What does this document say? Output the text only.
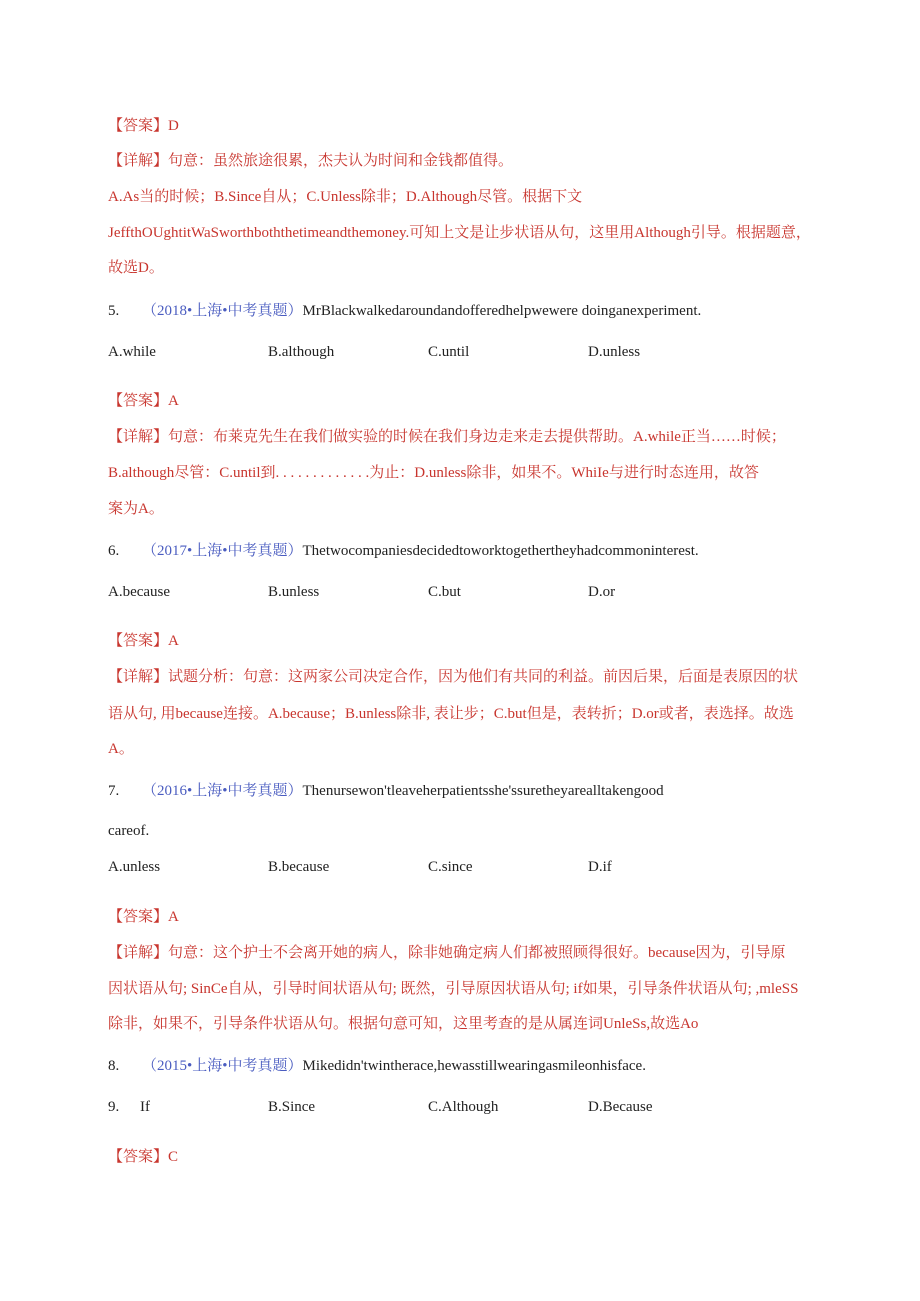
【答案】D
【详解】句意：虽然旅途很累，杰夫认为时间和金钱都值得。
A.As当的时候；B.Since自从；C.Unless除非；D.Although尽管。根据下文
JeffthOUghtitWaSworthboththetimeandthemoney.可知上文是让步状语从句，这里用Although引导。根据题意，
故选D。
5. （2018•上海•中考真题）MrBlackwalkedaroundandofferedhelpwewere doinganexperiment.
A.while	B.although	C.until	D.unless
【答案】A
【详解】句意：布莱克先生在我们做实验的时候在我们身边走来走去提供帮助。A.while正当……时候；
B.although尽管：C.until到. . . . . . . . . . . . .为止：D.unless除非，如果不。WhiIe与进行时态连用，故答
案为A。
6. （2017•上海•中考真题）Thetwocompaniesdecidedtoworktogethertheyhadcommoninterest.
A.because	B.unless	C.but	D.or
【答案】A
【详解】试题分析：句意：这两家公司决定合作，因为他们有共同的利益。前因后果，后面是表原因的状
语从句, 用because连接。A.because；B.unless除非, 表让步；C.but但是，表转折；D.or或者，表选择。故选
A。
7. （2016•上海•中考真题）Thenursewon'tleaveherpatientsshe'ssuretheyarealltakengood
careof.
A.unless	B.because	C.since	D.if
【答案】A
【详解】句意：这个护士不会离开她的病人，除非她确定病人们都被照顾得很好。because因为，引导原
因状语从句; SinCe自从，引导时间状语从句; 既然，引导原因状语从句; if如果，引导条件状语从句; ,mleSS
除非，如果不，引导条件状语从句。根据句意可知，这里考查的是从属连词UnleSs,故选Ao
8. （2015•上海•中考真题）Mikedidn'twintherace,hewasstillwearingasmileonhisface.
9. If	B.Since	C.Although	D.Because
【答案】C
